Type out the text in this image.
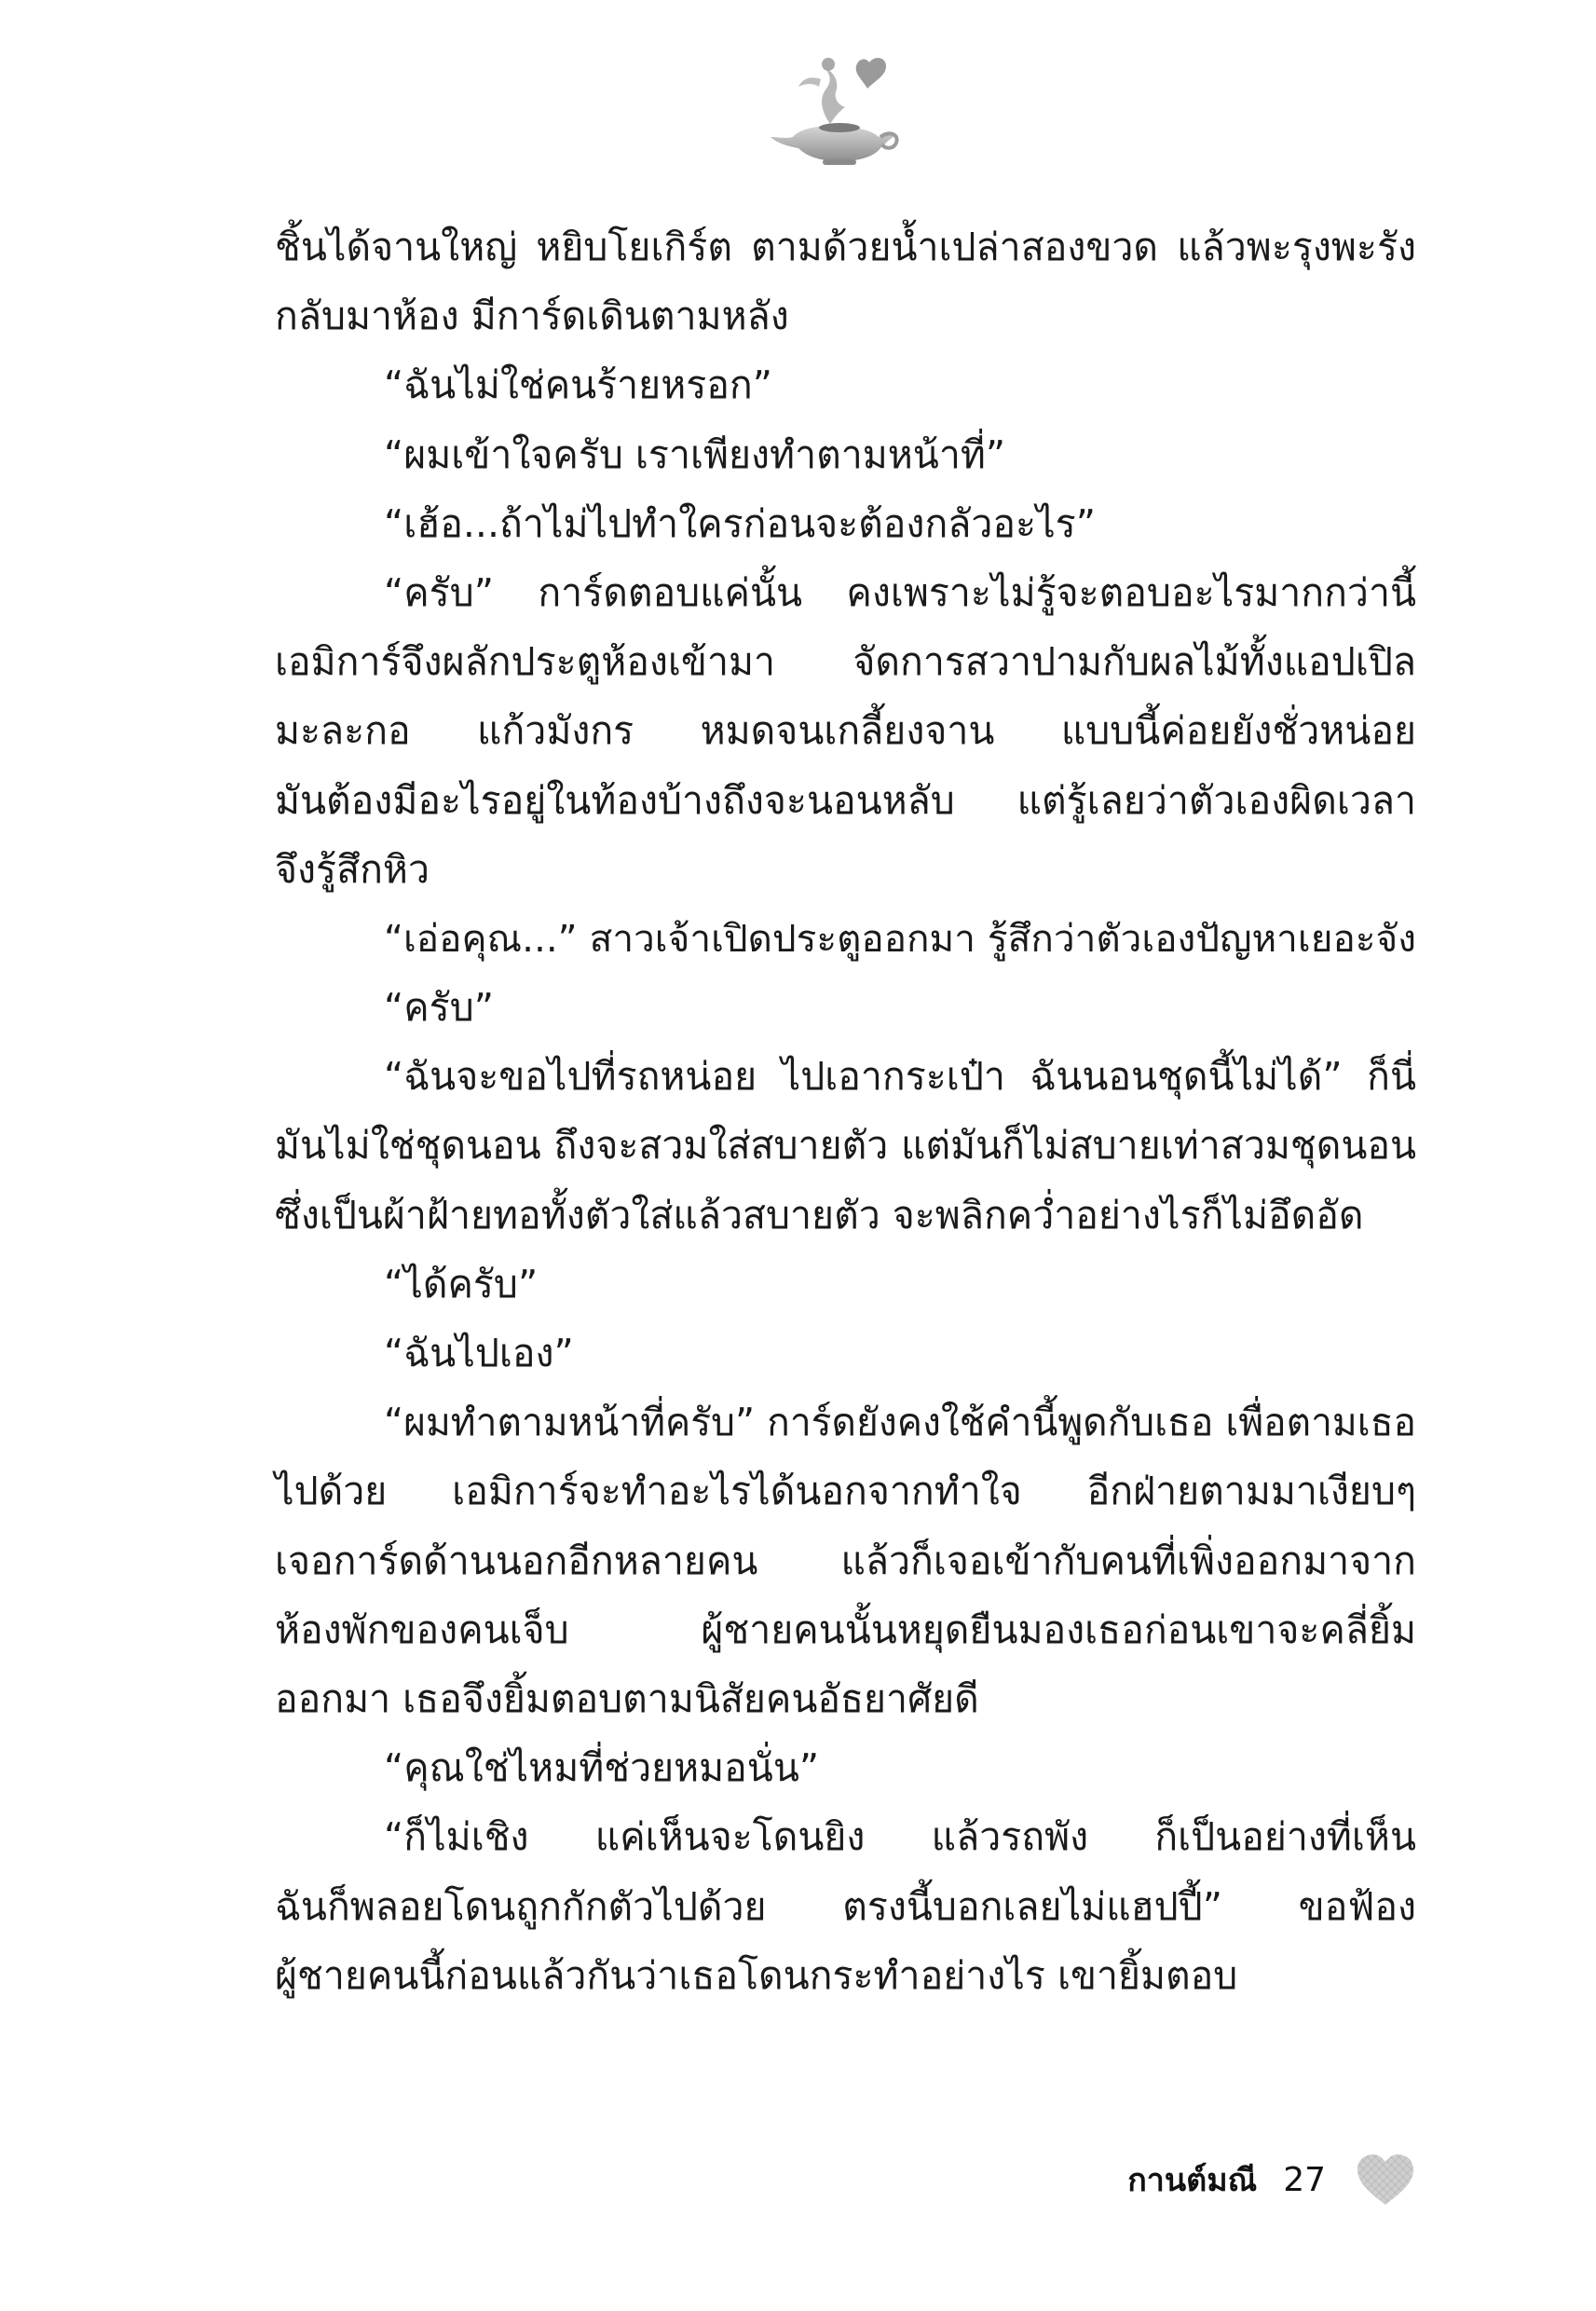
ชิ้นได้จานใหญ่ หยิบโยเกิร์ต ตามด้วยน้ำเปล่าสองขวด แล้วพะรุงพะรัง
กลับมาห้อง มีการ์ดเดินตามหลัง
“ฉันไม่ใช่คนร้ายหรอก”
“ผมเข้าใจครับ เราเพียงทำตามหน้าที่”
“เฮ้อ...ถ้าไม่ไปทำใครก่อนจะต้องกลัวอะไร”
“ครับ” การ์ดตอบแค่นั้น คงเพราะไม่รู้จะตอบอะไรมากกว่านี้
เอมิการ์จึงผลักประตูห้องเข้ามา จัดการสวาปามกับผลไม้ทั้งแอปเปิล
มะละกอ แก้วมังกร หมดจนเกลี้ยงจาน แบบนี้ค่อยยังชั่วหน่อย
มันต้องมีอะไรอยู่ในท้องบ้างถึงจะนอนหลับ แต่รู้เลยว่าตัวเองผิดเวลา
จึงรู้สึกหิว
“เอ่อคุณ...” สาวเจ้าเปิดประตูออกมา รู้สึกว่าตัวเองปัญหาเยอะจัง
“ครับ”
“ฉันจะขอไปที่รถหน่อย ไปเอากระเป๋า ฉันนอนชุดนี้ไม่ได้” ก็นี่
มันไม่ใช่ชุดนอน ถึงจะสวมใส่สบายตัว แต่มันก็ไม่สบายเท่าสวมชุดนอน
ซึ่งเป็นผ้าฝ้ายทอทั้งตัวใส่แล้วสบายตัว จะพลิกคว่ำอย่างไรก็ไม่อึดอัด
“ได้ครับ”
“ฉันไปเอง”
“ผมทำตามหน้าที่ครับ” การ์ดยังคงใช้คำนี้พูดกับเธอ เพื่อตามเธอ
ไปด้วย เอมิการ์จะทำอะไรได้นอกจากทำใจ อีกฝ่ายตามมาเงียบๆ
เจอการ์ดด้านนอกอีกหลายคน แล้วก็เจอเข้ากับคนที่เพิ่งออกมาจาก
ห้องพักของคนเจ็บ ผู้ชายคนนั้นหยุดยืนมองเธอก่อนเขาจะคลี่ยิ้ม
ออกมา เธอจึงยิ้มตอบตามนิสัยคนอัธยาศัยดี
“คุณใช่ไหมที่ช่วยหมอนั่น”
“ก็ไม่เชิง แค่เห็นจะโดนยิง แล้วรถพัง ก็เป็นอย่างที่เห็น
ฉันก็พลอยโดนถูกกักตัวไปด้วย ตรงนี้บอกเลยไม่แฮปปี้” ขอฟ้อง
ผู้ชายคนนี้ก่อนแล้วกันว่าเธอโดนกระทำอย่างไร เขายิ้มตอบ
กานต์มณี 27
